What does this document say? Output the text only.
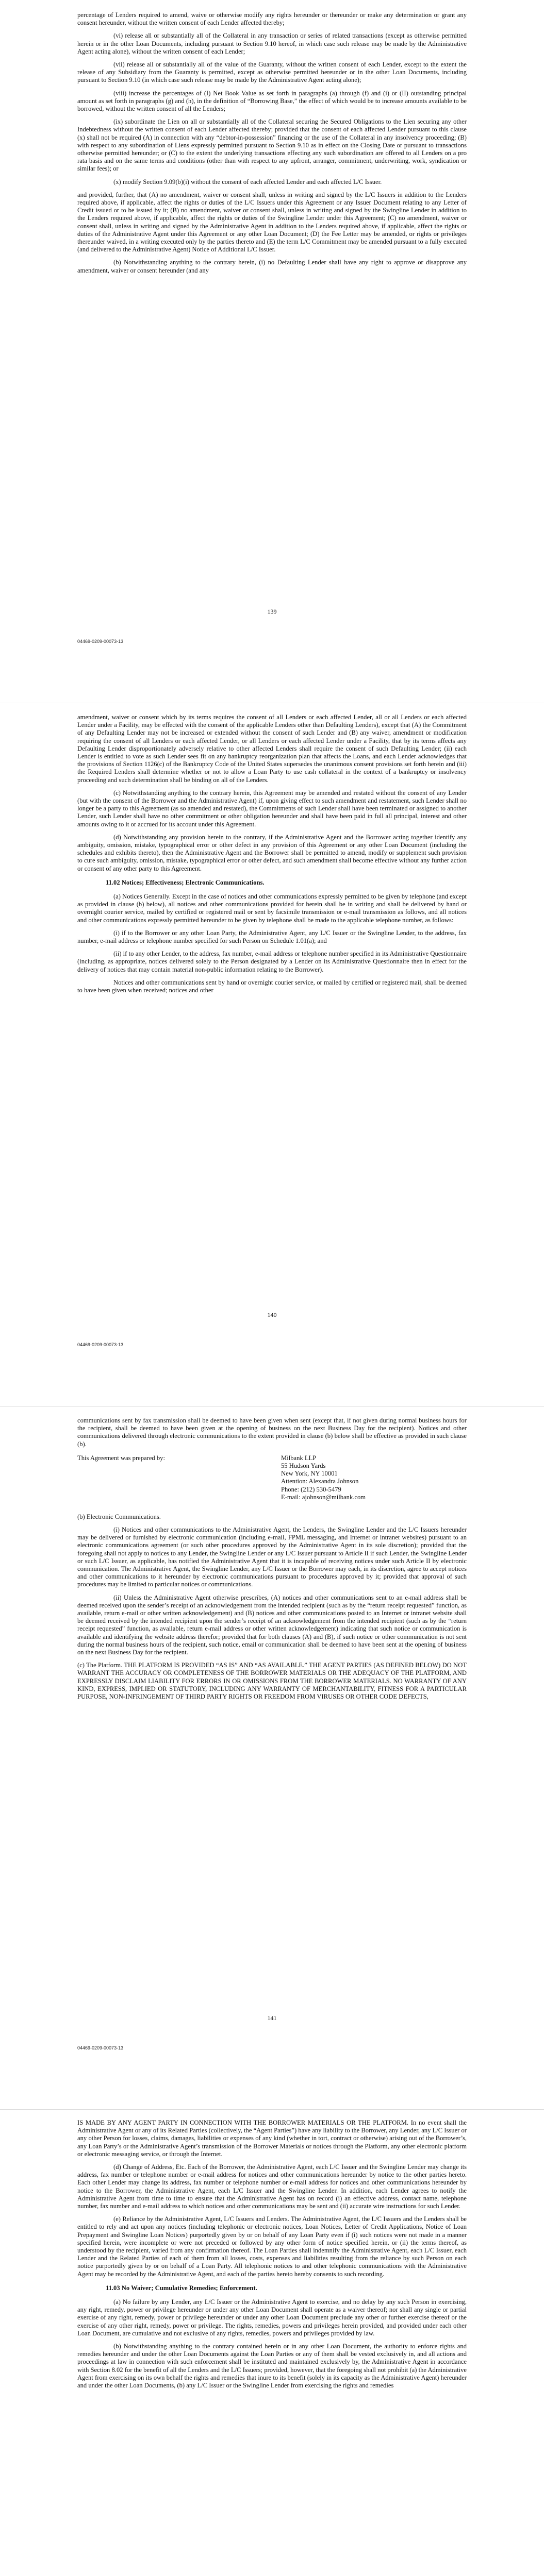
percentage of Lenders required to amend, waive or otherwise modify any rights hereunder or thereunder or make any determination or grant any consent hereunder, without the written consent of each Lender affected thereby;

(vi) release all or substantially all of the Collateral in any transaction or series of related transactions (except as otherwise permitted herein or in the other Loan Documents, including pursuant to Section 9.10 hereof, in which case such release may be made by the Administrative Agent acting alone), without the written consent of each Lender;

(vii) release all or substantially all of the value of the Guaranty, without the written consent of each Lender, except to the extent the release of any Subsidiary from the Guaranty is permitted, except as otherwise permitted hereunder or in the other Loan Documents, including pursuant to Section 9.10 (in which case such release may be made by the Administrative Agent acting alone);

(viii) increase the percentages of (I) Net Book Value as set forth in paragraphs (a) through (f) and (i) or (II) outstanding principal amount as set forth in paragraphs (g) and (h), in the definition of “Borrowing Base,” the effect of which would be to increase amounts available to be borrowed, without the written consent of all the Lenders;

(ix) subordinate the Lien on all or substantially all of the Collateral securing the Secured Obligations to the Lien securing any other Indebtedness without the written consent of each Lender affected thereby; provided that the consent of each affected Lender pursuant to this clause (x) shall not be required (A) in connection with any “debtor-in-possession” financing or the use of the Collateral in any insolvency proceeding; (B) with respect to any subordination of Liens expressly permitted pursuant to Section 9.10 as in effect on the Closing Date or pursuant to transactions otherwise permitted hereunder; or (C) to the extent the underlying transactions effecting any such subordination are offered to all Lenders on a pro rata basis and on the same terms and conditions (other than with respect to any upfront, arranger, commitment, underwriting, work, syndication or similar fees); or

(x) modify Section 9.09(b)(i) without the consent of each affected Lender and each affected L/C Issuer.

and provided, further, that (A) no amendment, waiver or consent shall, unless in writing and signed by the L/C Issuers in addition to the Lenders required above, if applicable, affect the rights or duties of the L/C Issuers under this Agreement or any Issuer Document relating to any Letter of Credit issued or to be issued by it; (B) no amendment, waiver or consent shall, unless in writing and signed by the Swingline Lender in addition to the Lenders required above, if applicable, affect the rights or duties of the Swingline Lender under this Agreement; (C) no amendment, waiver or consent shall, unless in writing and signed by the Administrative Agent in addition to the Lenders required above, if applicable, affect the rights or duties of the Administrative Agent under this Agreement or any other Loan Document; (D) the Fee Letter may be amended, or rights or privileges thereunder waived, in a writing executed only by the parties thereto and (E) the term L/C Commitment may be amended pursuant to a fully executed (and delivered to the Administrative Agent) Notice of Additional L/C Issuer.

(b) Notwithstanding anything to the contrary herein, (i) no Defaulting Lender shall have any right to approve or disapprove any amendment, waiver or consent hereunder (and any

139
04469-0209-00073-13

amendment, waiver or consent which by its terms requires the consent of all Lenders or each affected Lender, all or all Lenders or each affected Lender under a Facility, may be effected with the consent of the applicable Lenders other than Defaulting Lenders), except that (A) the Commitment of any Defaulting Lender may not be increased or extended without the consent of such Lender and (B) any waiver, amendment or modification requiring the consent of all Lenders or each affected Lender, or all Lenders or each affected Lender under a Facility, that by its terms affects any Defaulting Lender disproportionately adversely relative to other affected Lenders shall require the consent of such Defaulting Lender; (ii) each Lender is entitled to vote as such Lender sees fit on any bankruptcy reorganization plan that affects the Loans, and each Lender acknowledges that the provisions of Section 1126(c) of the Bankruptcy Code of the United States supersedes the unanimous consent provisions set forth herein and (iii) the Required Lenders shall determine whether or not to allow a Loan Party to use cash collateral in the context of a bankruptcy or insolvency proceeding and such determination shall be binding on all of the Lenders.

(c) Notwithstanding anything to the contrary herein, this Agreement may be amended and restated without the consent of any Lender (but with the consent of the Borrower and the Administrative Agent) if, upon giving effect to such amendment and restatement, such Lender shall no longer be a party to this Agreement (as so amended and restated), the Commitments of such Lender shall have been terminated or assigned to another Lender, such Lender shall have no other commitment or other obligation hereunder and shall have been paid in full all principal, interest and other amounts owing to it or accrued for its account under this Agreement.

(d) Notwithstanding any provision herein to the contrary, if the Administrative Agent and the Borrower acting together identify any ambiguity, omission, mistake, typographical error or other defect in any provision of this Agreement or any other Loan Document (including the schedules and exhibits thereto), then the Administrative Agent and the Borrower shall be permitted to amend, modify or supplement such provision to cure such ambiguity, omission, mistake, typographical error or other defect, and such amendment shall become effective without any further action or consent of any other party to this Agreement.

11.02 Notices; Effectiveness; Electronic Communications.

(a) Notices Generally. Except in the case of notices and other communications expressly permitted to be given by telephone (and except as provided in clause (b) below), all notices and other communications provided for herein shall be in writing and shall be delivered by hand or overnight courier service, mailed by certified or registered mail or sent by facsimile transmission or e-mail transmission as follows, and all notices and other communications expressly permitted hereunder to be given by telephone shall be made to the applicable telephone number, as follows:

(i) if to the Borrower or any other Loan Party, the Administrative Agent, any L/C Issuer or the Swingline Lender, to the address, fax number, e-mail address or telephone number specified for such Person on Schedule 1.01(a); and

(ii) if to any other Lender, to the address, fax number, e-mail address or telephone number specified in its Administrative Questionnaire (including, as appropriate, notices delivered solely to the Person designated by a Lender on its Administrative Questionnaire then in effect for the delivery of notices that may contain material non-public information relating to the Borrower).

Notices and other communications sent by hand or overnight courier service, or mailed by certified or registered mail, shall be deemed to have been given when received; notices and other

140
04469-0209-00073-13

communications sent by fax transmission shall be deemed to have been given when sent (except that, if not given during normal business hours for the recipient, shall be deemed to have been given at the opening of business on the next Business Day for the recipient). Notices and other communications delivered through electronic communications to the extent provided in clause (b) below shall be effective as provided in such clause (b).

This Agreement was prepared by:	Milbank LLP
55 Hudson Yards
New York, NY 10001
Attention: Alexandra Johnson
Phone: (212) 530-5479
E-mail: ajohnson@milbank.com

(b) Electronic Communications.

(i) Notices and other communications to the Administrative Agent, the Lenders, the Swingline Lender and the L/C Issuers hereunder may be delivered or furnished by electronic communication (including e-mail, FPML messaging, and Internet or intranet websites) pursuant to an electronic communications agreement (or such other procedures approved by the Administrative Agent in its sole discretion); provided that the foregoing shall not apply to notices to any Lender, the Swingline Lender or any L/C Issuer pursuant to Article II if such Lender, the Swingline Lender or such L/C Issuer, as applicable, has notified the Administrative Agent that it is incapable of receiving notices under such Article II by electronic communication. The Administrative Agent, the Swingline Lender, any L/C Issuer or the Borrower may each, in its discretion, agree to accept notices and other communications to it hereunder by electronic communications pursuant to procedures approved by it; provided that approval of such procedures may be limited to particular notices or communications.

(ii) Unless the Administrative Agent otherwise prescribes, (A) notices and other communications sent to an e-mail address shall be deemed received upon the sender’s receipt of an acknowledgement from the intended recipient (such as by the “return receipt requested” function, as available, return e-mail or other written acknowledgement) and (B) notices and other communications posted to an Internet or intranet website shall be deemed received by the intended recipient upon the sender’s receipt of an acknowledgement from the intended recipient (such as by the “return receipt requested” function, as available, return e-mail address or other written acknowledgement) indicating that such notice or communication is available and identifying the website address therefor; provided that for both clauses (A) and (B), if such notice or other communication is not sent during the normal business hours of the recipient, such notice, email or communication shall be deemed to have been sent at the opening of business on the next Business Day for the recipient.

(c) The Platform. THE PLATFORM IS PROVIDED “AS IS” AND “AS AVAILABLE.” THE AGENT PARTIES (AS DEFINED BELOW) DO NOT WARRANT THE ACCURACY OR COMPLETENESS OF THE BORROWER MATERIALS OR THE ADEQUACY OF THE PLATFORM, AND EXPRESSLY DISCLAIM LIABILITY FOR ERRORS IN OR OMISSIONS FROM THE BORROWER MATERIALS. NO WARRANTY OF ANY KIND, EXPRESS, IMPLIED OR STATUTORY, INCLUDING ANY WARRANTY OF MERCHANTABILITY, FITNESS FOR A PARTICULAR PURPOSE, NON-INFRINGEMENT OF THIRD PARTY RIGHTS OR FREEDOM FROM VIRUSES OR OTHER CODE DEFECTS,

141
04469-0209-00073-13

IS MADE BY ANY AGENT PARTY IN CONNECTION WITH THE BORROWER MATERIALS OR THE PLATFORM. In no event shall the Administrative Agent or any of its Related Parties (collectively, the “Agent Parties”) have any liability to the Borrower, any Lender, any L/C Issuer or any other Person for losses, claims, damages, liabilities or expenses of any kind (whether in tort, contract or otherwise) arising out of the Borrower’s, any Loan Party’s or the Administrative Agent’s transmission of the Borrower Materials or notices through the Platform, any other electronic platform or electronic messaging service, or through the Internet.

(d) Change of Address, Etc. Each of the Borrower, the Administrative Agent, each L/C Issuer and the Swingline Lender may change its address, fax number or telephone number or e-mail address for notices and other communications hereunder by notice to the other parties hereto. Each other Lender may change its address, fax number or telephone number or e-mail address for notices and other communications hereunder by notice to the Borrower, the Administrative Agent, each L/C Issuer and the Swingline Lender. In addition, each Lender agrees to notify the Administrative Agent from time to time to ensure that the Administrative Agent has on record (i) an effective address, contact name, telephone number, fax number and e-mail address to which notices and other communications may be sent and (ii) accurate wire instructions for such Lender.

(e) Reliance by the Administrative Agent, L/C Issuers and Lenders. The Administrative Agent, the L/C Issuers and the Lenders shall be entitled to rely and act upon any notices (including telephonic or electronic notices, Loan Notices, Letter of Credit Applications, Notice of Loan Prepayment and Swingline Loan Notices) purportedly given by or on behalf of any Loan Party even if (i) such notices were not made in a manner specified herein, were incomplete or were not preceded or followed by any other form of notice specified herein, or (ii) the terms thereof, as understood by the recipient, varied from any confirmation thereof. The Loan Parties shall indemnify the Administrative Agent, each L/C Issuer, each Lender and the Related Parties of each of them from all losses, costs, expenses and liabilities resulting from the reliance by such Person on each notice purportedly given by or on behalf of a Loan Party. All telephonic notices to and other telephonic communications with the Administrative Agent may be recorded by the Administrative Agent, and each of the parties hereto hereby consents to such recording.

11.03 No Waiver; Cumulative Remedies; Enforcement.

(a) No failure by any Lender, any L/C Issuer or the Administrative Agent to exercise, and no delay by any such Person in exercising, any right, remedy, power or privilege hereunder or under any other Loan Document shall operate as a waiver thereof; nor shall any single or partial exercise of any right, remedy, power or privilege hereunder or under any other Loan Document preclude any other or further exercise thereof or the exercise of any other right, remedy, power or privilege. The rights, remedies, powers and privileges herein provided, and provided under each other Loan Document, are cumulative and not exclusive of any rights, remedies, powers and privileges provided by law.

(b) Notwithstanding anything to the contrary contained herein or in any other Loan Document, the authority to enforce rights and remedies hereunder and under the other Loan Documents against the Loan Parties or any of them shall be vested exclusively in, and all actions and proceedings at law in connection with such enforcement shall be instituted and maintained exclusively by, the Administrative Agent in accordance with Section 8.02 for the benefit of all the Lenders and the L/C Issuers; provided, however, that the foregoing shall not prohibit (a) the Administrative Agent from exercising on its own behalf the rights and remedies that inure to its benefit (solely in its capacity as the Administrative Agent) hereunder and under the other Loan Documents, (b) any L/C Issuer or the Swingline Lender from exercising the rights and remedies
